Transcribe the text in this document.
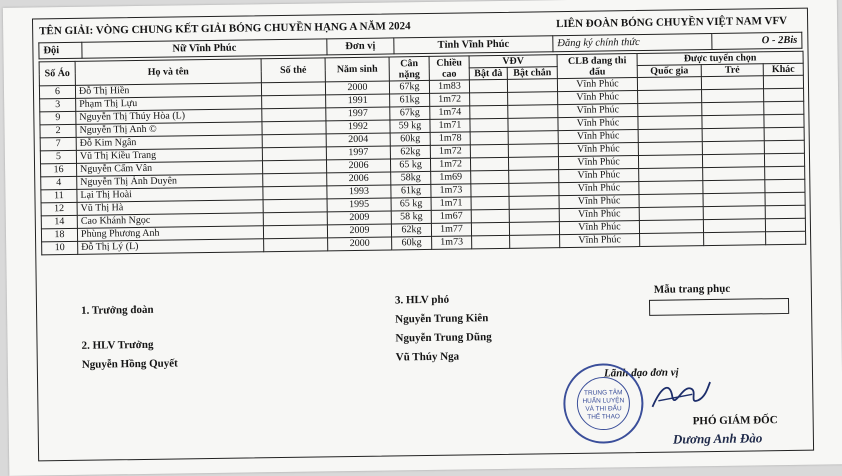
TÊN GIẢI: VÒNG CHUNG KẾT GIẢI BÓNG CHUYỀN HẠNG A NĂM 2024	LIÊN ĐOÀN BÓNG CHUYỀN VIỆT NAM VFV
Đội	Nữ Vĩnh Phúc	Đơn vị	Tỉnh Vĩnh Phúc	Đăng ký chính thức	O - 2Bis
Số Áo	Họ và tên	Số thẻ	Năm sinh	Cân nặng	Chiều cao	VĐV		CLB đang thi đấu	Được tuyển chọn		
						Bật đà	Bật chắn		Quốc gia	Trẻ	Khác
6	Đỗ Thị Hiền		2000	67kg	1m83			Vĩnh Phúc			
3	Phạm Thị Lựu		1991	61kg	1m72			Vĩnh Phúc			
9	Nguyễn Thị Thúy Hòa (L)		1997	67kg	1m74			Vĩnh Phúc			
2	Nguyễn Thị Anh ©		1992	59 kg	1m71			Vĩnh Phúc			
7	Đỗ Kim Ngân		2004	60kg	1m78			Vĩnh Phúc			
5	Vũ Thị Kiều Trang		1997	62kg	1m72			Vĩnh Phúc			
16	Nguyễn Cẩm Vân		2006	65 kg	1m72			Vĩnh Phúc			
4	Nguyễn Thị Ánh Duyên		2006	58kg	1m69			Vĩnh Phúc			
11	Lại Thị Hoài		1993	61kg	1m73			Vĩnh Phúc			
12	Vũ Thị Hà		1995	65 kg	1m71			Vĩnh Phúc			
14	Cao Khánh Ngọc		2009	58 kg	1m67			Vĩnh Phúc			
18	Phùng Phương Anh		2009	62kg	1m77			Vĩnh Phúc			
10	Đỗ Thị Lý (L)		2000	60kg	1m73			Vĩnh Phúc			
1. Trưởng đoàn
2. HLV Trưởng
Nguyễn Hồng Quyết
3. HLV phó
Nguyễn Trung Kiên
Nguyễn Trung Dũng
Vũ Thúy Nga
Mẫu trang phục
Lãnh đạo đơn vị
TRUNG TÂM
HUẤN LUYỆN
VÀ THI ĐẤU
THỂ THAO	PHÓ GIÁM ĐỐC
Dương Anh Đào
